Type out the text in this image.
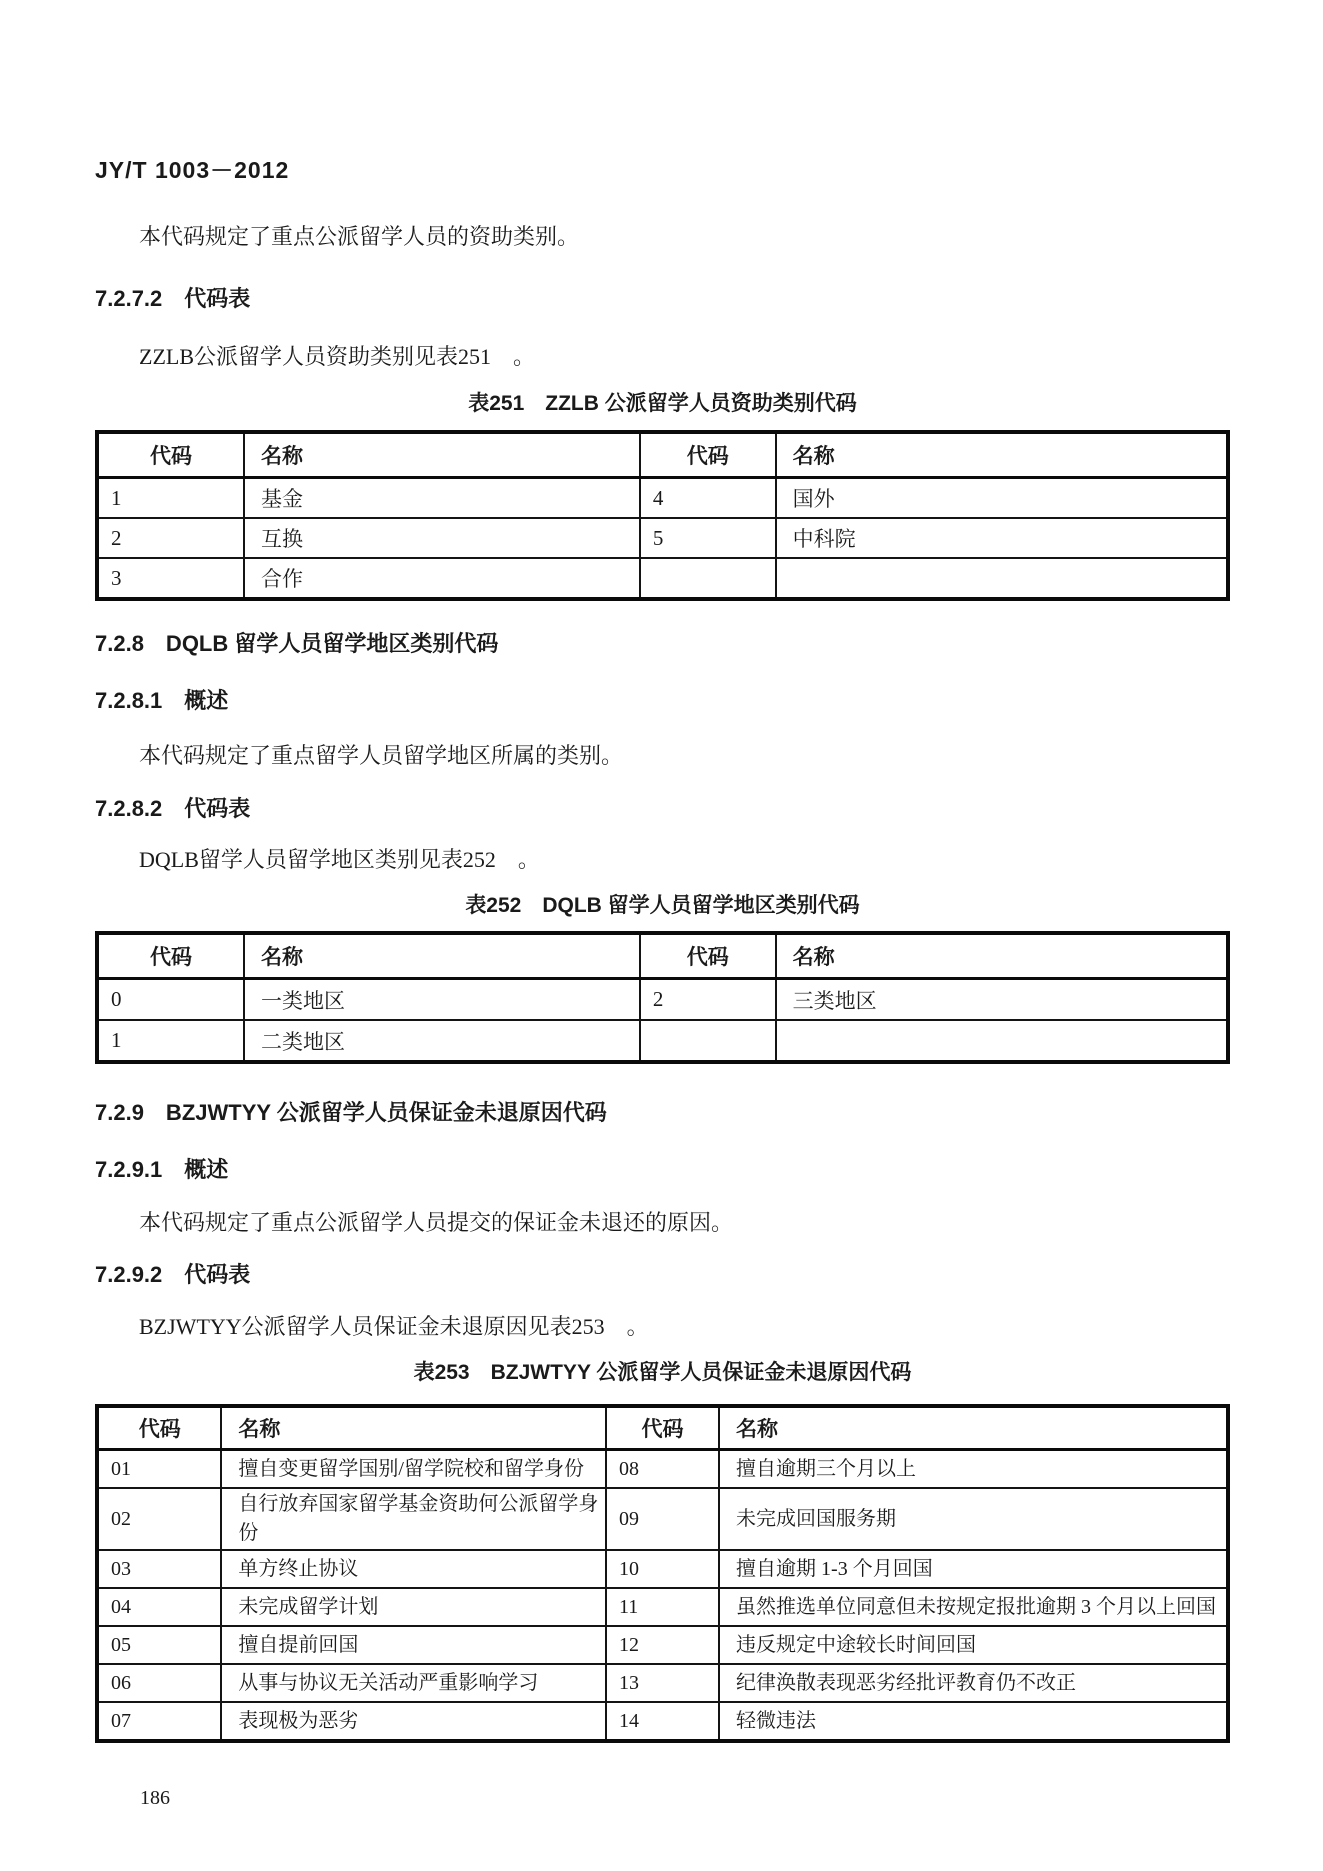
JY/T 1003－2012

本代码规定了重点公派留学人员的资助类别。

7.2.7.2　代码表

ZZLB公派留学人员资助类别见表251　。

表251　ZZLB 公派留学人员资助类别代码
代码	名称	代码	名称
1	基金	4	国外
2	互换	5	中科院
3	合作		
7.2.8　DQLB 留学人员留学地区类别代码
7.2.8.1　概述

本代码规定了重点留学人员留学地区所属的类别。

7.2.8.2　代码表

DQLB留学人员留学地区类别见表252　。

表252　DQLB 留学人员留学地区类别代码
代码	名称	代码	名称
0	一类地区	2	三类地区
1	二类地区		
7.2.9　BZJWTYY 公派留学人员保证金未退原因代码
7.2.9.1　概述

本代码规定了重点公派留学人员提交的保证金未退还的原因。

7.2.9.2　代码表

BZJWTYY公派留学人员保证金未退原因见表253　。

表253　BZJWTYY 公派留学人员保证金未退原因代码
代码	名称	代码	名称
01	擅自变更留学国别/留学院校和留学身份	08	擅自逾期三个月以上
02	自行放弃国家留学基金资助何公派留学身份	09	未完成回国服务期
03	单方终止协议	10	擅自逾期 1-3 个月回国
04	未完成留学计划	11	虽然推选单位同意但未按规定报批逾期 3 个月以上回国
05	擅自提前回国	12	违反规定中途较长时间回国
06	从事与协议无关活动严重影响学习	13	纪律涣散表现恶劣经批评教育仍不改正
07	表现极为恶劣	14	轻微违法
186
